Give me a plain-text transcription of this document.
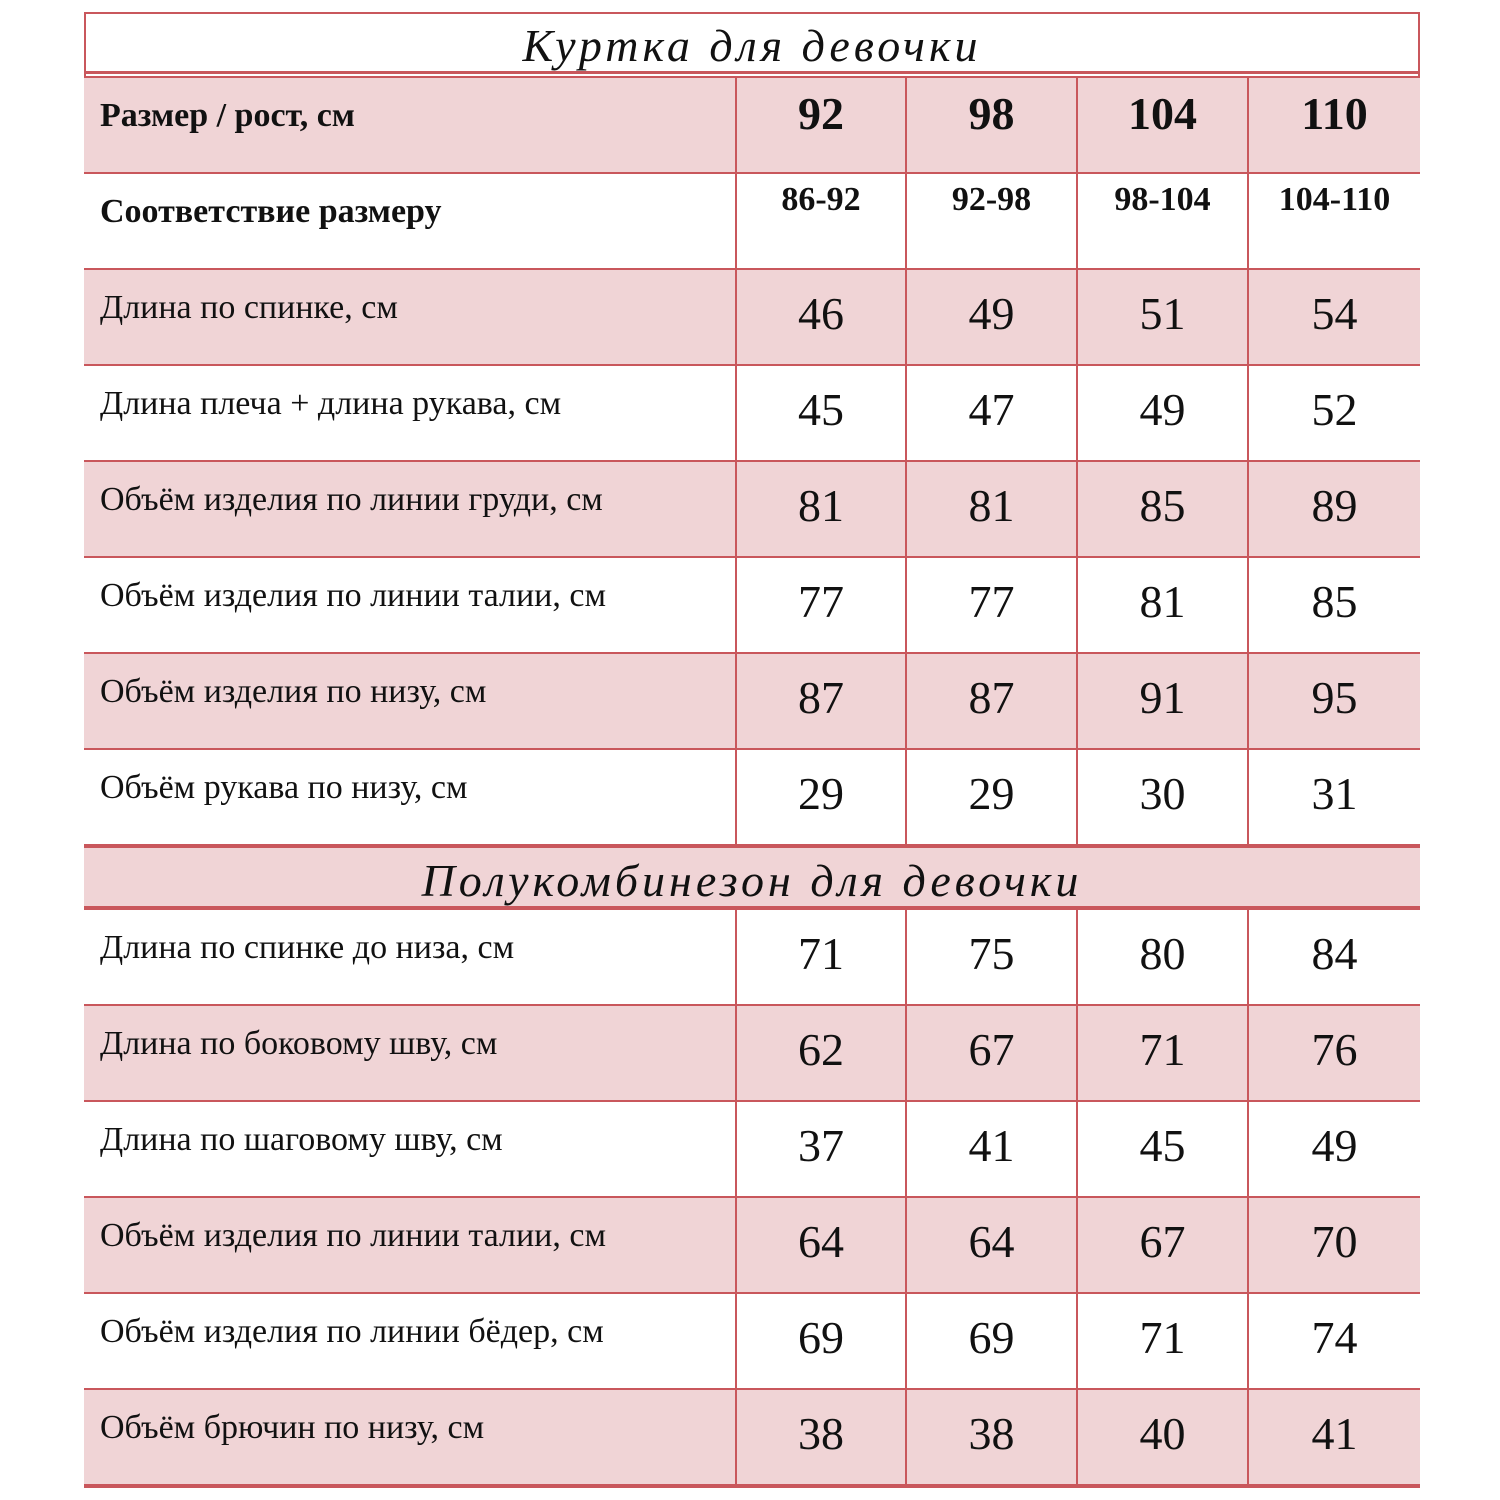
Куртка для девочки
Размер / рост, см	92	98	104	110
Соответствие размеру	86-92	92-98	98-104	104-110
Длина по спинке, см	46	49	51	54
Длина плеча + длина рукава, см	45	47	49	52
Объём изделия по линии груди, см	81	81	85	89
Объём изделия по линии талии, см	77	77	81	85
Объём изделия по низу, см	87	87	91	95
Объём рукава по низу, см	29	29	30	31
Полукомбинезон для девочки
Длина по спинке до низа, см	71	75	80	84
Длина по боковому шву, см	62	67	71	76
Длина по шаговому шву, см	37	41	45	49
Объём изделия по линии талии, см	64	64	67	70
Объём изделия по линии бёдер, см	69	69	71	74
Объём брючин по низу, см	38	38	40	41
